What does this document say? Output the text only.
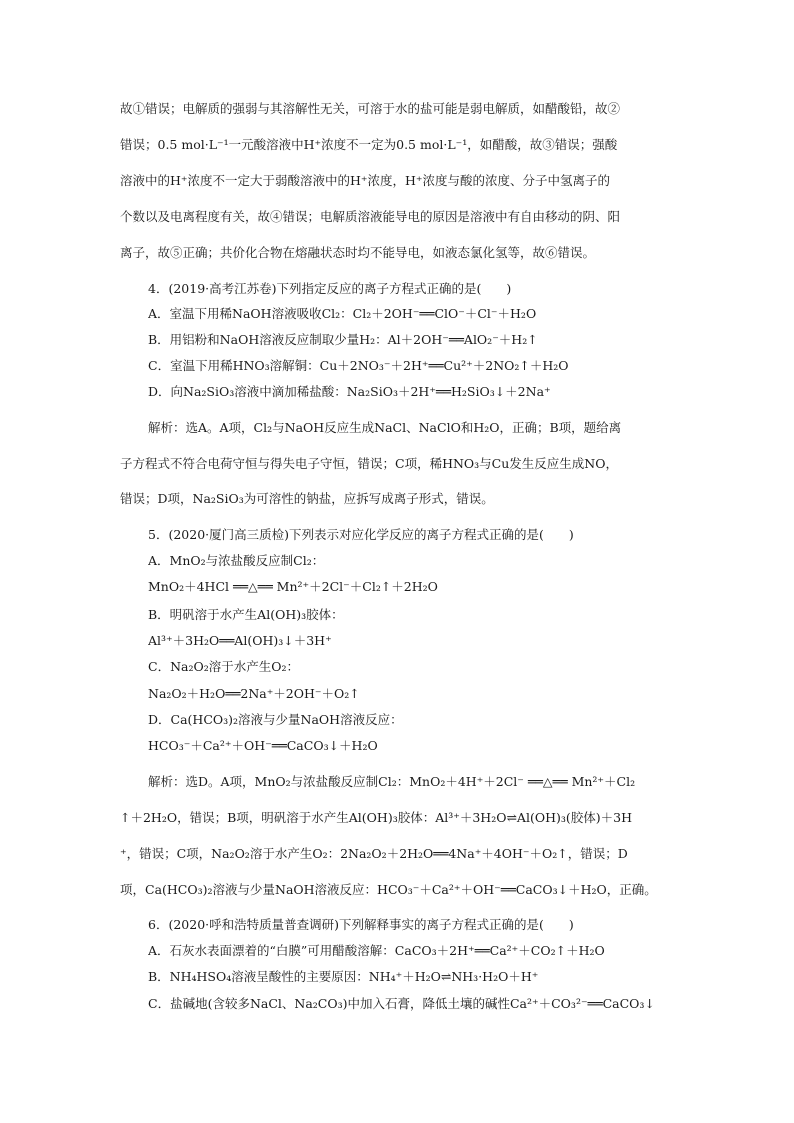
故①错误；电解质的强弱与其溶解性无关，可溶于水的盐可能是弱电解质，如醋酸铅，故②
错误；0.5 mol·L⁻¹一元酸溶液中H⁺浓度不一定为0.5 mol·L⁻¹，如醋酸，故③错误；强酸
溶液中的H⁺浓度不一定大于弱酸溶液中的H⁺浓度，H⁺浓度与酸的浓度、分子中氢离子的
个数以及电离程度有关，故④错误；电解质溶液能导电的原因是溶液中有自由移动的阴、阳
离子，故⑤正确；共价化合物在熔融状态时均不能导电，如液态氯化氢等，故⑥错误。
4．(2019·高考江苏卷)下列指定反应的离子方程式正确的是(　　)
A．室温下用稀NaOH溶液吸收Cl₂：Cl₂＋2OH⁻══ClO⁻＋Cl⁻＋H₂O
B．用铝粉和NaOH溶液反应制取少量H₂：Al＋2OH⁻══AlO₂⁻＋H₂↑
C．室温下用稀HNO₃溶解铜：Cu＋2NO₃⁻＋2H⁺══Cu²⁺＋2NO₂↑＋H₂O
D．向Na₂SiO₃溶液中滴加稀盐酸：Na₂SiO₃＋2H⁺══H₂SiO₃↓＋2Na⁺
解析：选A。A项，Cl₂与NaOH反应生成NaCl、NaClO和H₂O，正确；B项，题给离
子方程式不符合电荷守恒与得失电子守恒，错误；C项，稀HNO₃与Cu发生反应生成NO，
错误；D项，Na₂SiO₃为可溶性的钠盐，应拆写成离子形式，错误。
5．(2020·厦门高三质检)下列表示对应化学反应的离子方程式正确的是(　　)
A．MnO₂与浓盐酸反应制Cl₂：
MnO₂＋4HCl ══△══ Mn²⁺＋2Cl⁻＋Cl₂↑＋2H₂O
B．明矾溶于水产生Al(OH)₃胶体：
Al³⁺＋3H₂O══Al(OH)₃↓＋3H⁺
C．Na₂O₂溶于水产生O₂：
Na₂O₂＋H₂O══2Na⁺＋2OH⁻＋O₂↑
D．Ca(HCO₃)₂溶液与少量NaOH溶液反应：
HCO₃⁻＋Ca²⁺＋OH⁻══CaCO₃↓＋H₂O
解析：选D。A项，MnO₂与浓盐酸反应制Cl₂：MnO₂＋4H⁺＋2Cl⁻ ══△══ Mn²⁺＋Cl₂
↑＋2H₂O，错误；B项，明矾溶于水产生Al(OH)₃胶体：Al³⁺＋3H₂O⇌Al(OH)₃(胶体)＋3H
⁺，错误；C项，Na₂O₂溶于水产生O₂：2Na₂O₂＋2H₂O══4Na⁺＋4OH⁻＋O₂↑，错误；D
项，Ca(HCO₃)₂溶液与少量NaOH溶液反应：HCO₃⁻＋Ca²⁺＋OH⁻══CaCO₃↓＋H₂O，正确。
6．(2020·呼和浩特质量普查调研)下列解释事实的离子方程式正确的是(　　)
A．石灰水表面漂着的“白膜”可用醋酸溶解：CaCO₃＋2H⁺══Ca²⁺＋CO₂↑＋H₂O
B．NH₄HSO₄溶液呈酸性的主要原因：NH₄⁺＋H₂O⇌NH₃·H₂O＋H⁺
C．盐碱地(含较多NaCl、Na₂CO₃)中加入石膏，降低土壤的碱性Ca²⁺＋CO₃²⁻══CaCO₃↓
